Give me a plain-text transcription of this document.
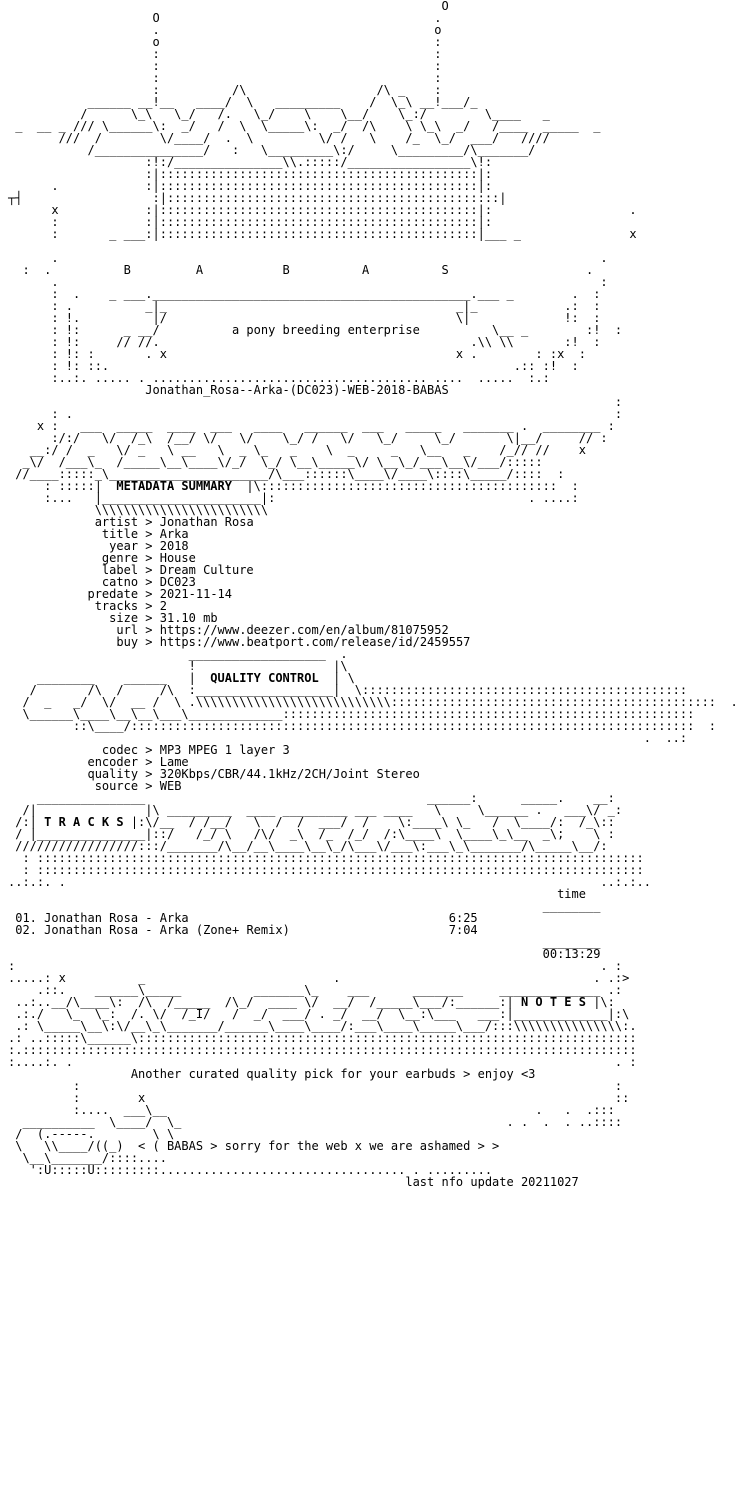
O
O                                      .
.                                      o
o                                      :
:                                      :
:                                      :
:                                      :
:          /\                  /\ _    :
______ __!__   ____/  \   _________    /  \_\ __!___/_
/      \_\   \_/   /.   \_/    \    \__/    \_:/        \____   _
_  __ _ /// \______\:  _/   /  \  \_____\:  _/  /\    \ \_\  _/   /____  _____  _
///  /        \/____/  .  \         \/ /   \    /_  \_/  ___/   ////
/_______________/   :   \_________\:/     \_________/\_______/
:!:/_______________\\.:::::/_________________\!:
:|::::::::::::::::::::::::::::::::::::::::::::|:
.            :|::::::::::::::::::::::::::::::::::::::::::::|:
┬┤                  :|::::::::::::::::::::::::::::::::::::::::::::::|
x            :|::::::::::::::::::::::::::::::::::::::::::::|:                   .
:            :|::::::::::::::::::::::::::::::::::::::::::::|:
:       _ ___:|::::::::::::::::::::::::::::::::::::::::::::|___ _               x

.                                                                           .
:  .          B         A           B          A          S                   .
.                                                                           :
:  .    _ ___.____________________________________________.___ _        .  :
: .          _|_                                        _|_            .:  :
: !.          |/                                        \|             !:  :
: !:      _ __/          a pony breeding enterprise          \__ _        :!  :
: !:     // //.                                           .\\ \\       :!  :
: !: :       . x                                        x .        : :x  :
: !: ::.                                                        .:: :!  :
:..:. ..... . ...................................... ....  .....  :.:
Jonathan_Rosa--Arka-(DC023)-WEB-2018-BABAS
:
: .                                                                           :
x :   ___  _____  ____  ___   ____   ______  ___   _____   _______ .  ________ :
:/:/   \/  /_\  /__/ \/   \/    \_/ /   \/   \_/     \_/       \|__/     // :
__:/ /  _   \/ _   \ __   \  _ \_   _    \  _     _   \__   _    /_// //    x
_\/  /___\_  /_____\__\____\/_/  \_/ \__\_____\/ \__\_/___\__\/___/:::::
//____:::::_\______________________/\___::::::\____\/____\::::\_____/::::  :
: :::::|  METADATA SUMMARY  |\:::::::::::::::::::::::::::::::::::::::::  :
:...   |______________________|:                                   . ....:
\\\\\\\\\\\\\\\\\\\\\\\\
artist > Jonathan Rosa
title > Arka
year > 2018
genre > House
label > Dream Culture
catno > DC023
predate > 2021-11-14
tracks > 2
size > 31.10 mb
url > https://www.deezer.com/en/album/81075952
buy > https://www.beatport.com/release/id/2459557
___________________  .
!                   |\
________    ______   |  QUALITY CONTROL  | \
/       /\  /     /\  :___________________|  \:::::::::::::::::::::::::::::::::::::::::::::
/  _   _/  \/  __ /  \ .\\\\\\\\\\\\\\\\\\\\\\\\\\\:::::::::::::::::::::::::::::::::::::::::::::  .
\______\____\__\__\___\_____________:::::::::::::::::::::::::::::::::::::::::::::::::::::::::
::\____/::::::::::::::::::::::::::::::::::::::::::::::::::::::::::::::::::::::::::::::  :
.  ..:
codec > MP3 MPEG 1 layer 3
encoder > Lame
quality > 320Kbps/CBR/44.1kHz/2CH/Joint Stereo
source > WEB
_______________                                       ______:      _____.    __:
/|               |\ _________  ____ _________ ___ ____   \     \______ .   ___\/ _:
/:| T R A C K S |:\/__  / /__/   \  /  /  ___/  /    \:____\ \_   /  \____/:  /_\::
/ |_______________|::/   /_/ \   /\/  _\  /_  /_/  /:\____\  \____\_\__  _\;    \ :
/////////////////:::/_______/\__/__\____\__\_/\___\/___\:___\_\_______/\_____\__/:
: ::::::::::::::::::::::::::::::::::::::::::::::::::::::::::::::::::::::::::::::::::::
: ::::::::::::::::::::::::::::::::::::::::::::::::::::::::::::::::::::::::::::::::::::
..:.:. .                                                                          ..:.:..
time
________
01. Jonathan Rosa - Arka	6:25
02. Jonathan Rosa - Arka (Zone+ Remix)	7:04
________
00:13:29
:                                                                                 . :
.....: x          _                          .                                   . .:>
.::.    ______\_____          _______\_    ___      _______     ______________ .:
..:..__/\____\:  /\  /_____  /\_/  ____ \/  __/  /_____\___/:______:| N O T E S |\:
.:./   \_  \_:  /. \/  /_I/   /  _/  ___/ . _/  __/  \__:\___   ___:|_____________|:\
.: \_____\__\:\/__\_\_______/______\____\____/:___\____\_____\___/:::\\\\\\\\\\\\\\\:.
.: ..:::::\______\:::::::::::::::::::::::::::::::::::::::::::::::::::::::::::::::::::::
:.:::::::::::::::::::::::::::::::::::::::::::::::::::::::::::::::::::::::::::::::::::::
:....:. .                                                                           . :
Another curated quality pick for your earbuds > enjoy <3
:                                                                          :
:        x                                                                 ::
:....  ___\__                                                   .   .  .:::
__________  \____/  \_                                             . .  .  . ..::::
/  (.-----.        \ \
\   \\____/((_)  < ( BABAS > sorry for the web x we are ashamed > >
\__\_______/::::....
':U:::::U:::::::::.................................. . .........
last nfo update 20211027
